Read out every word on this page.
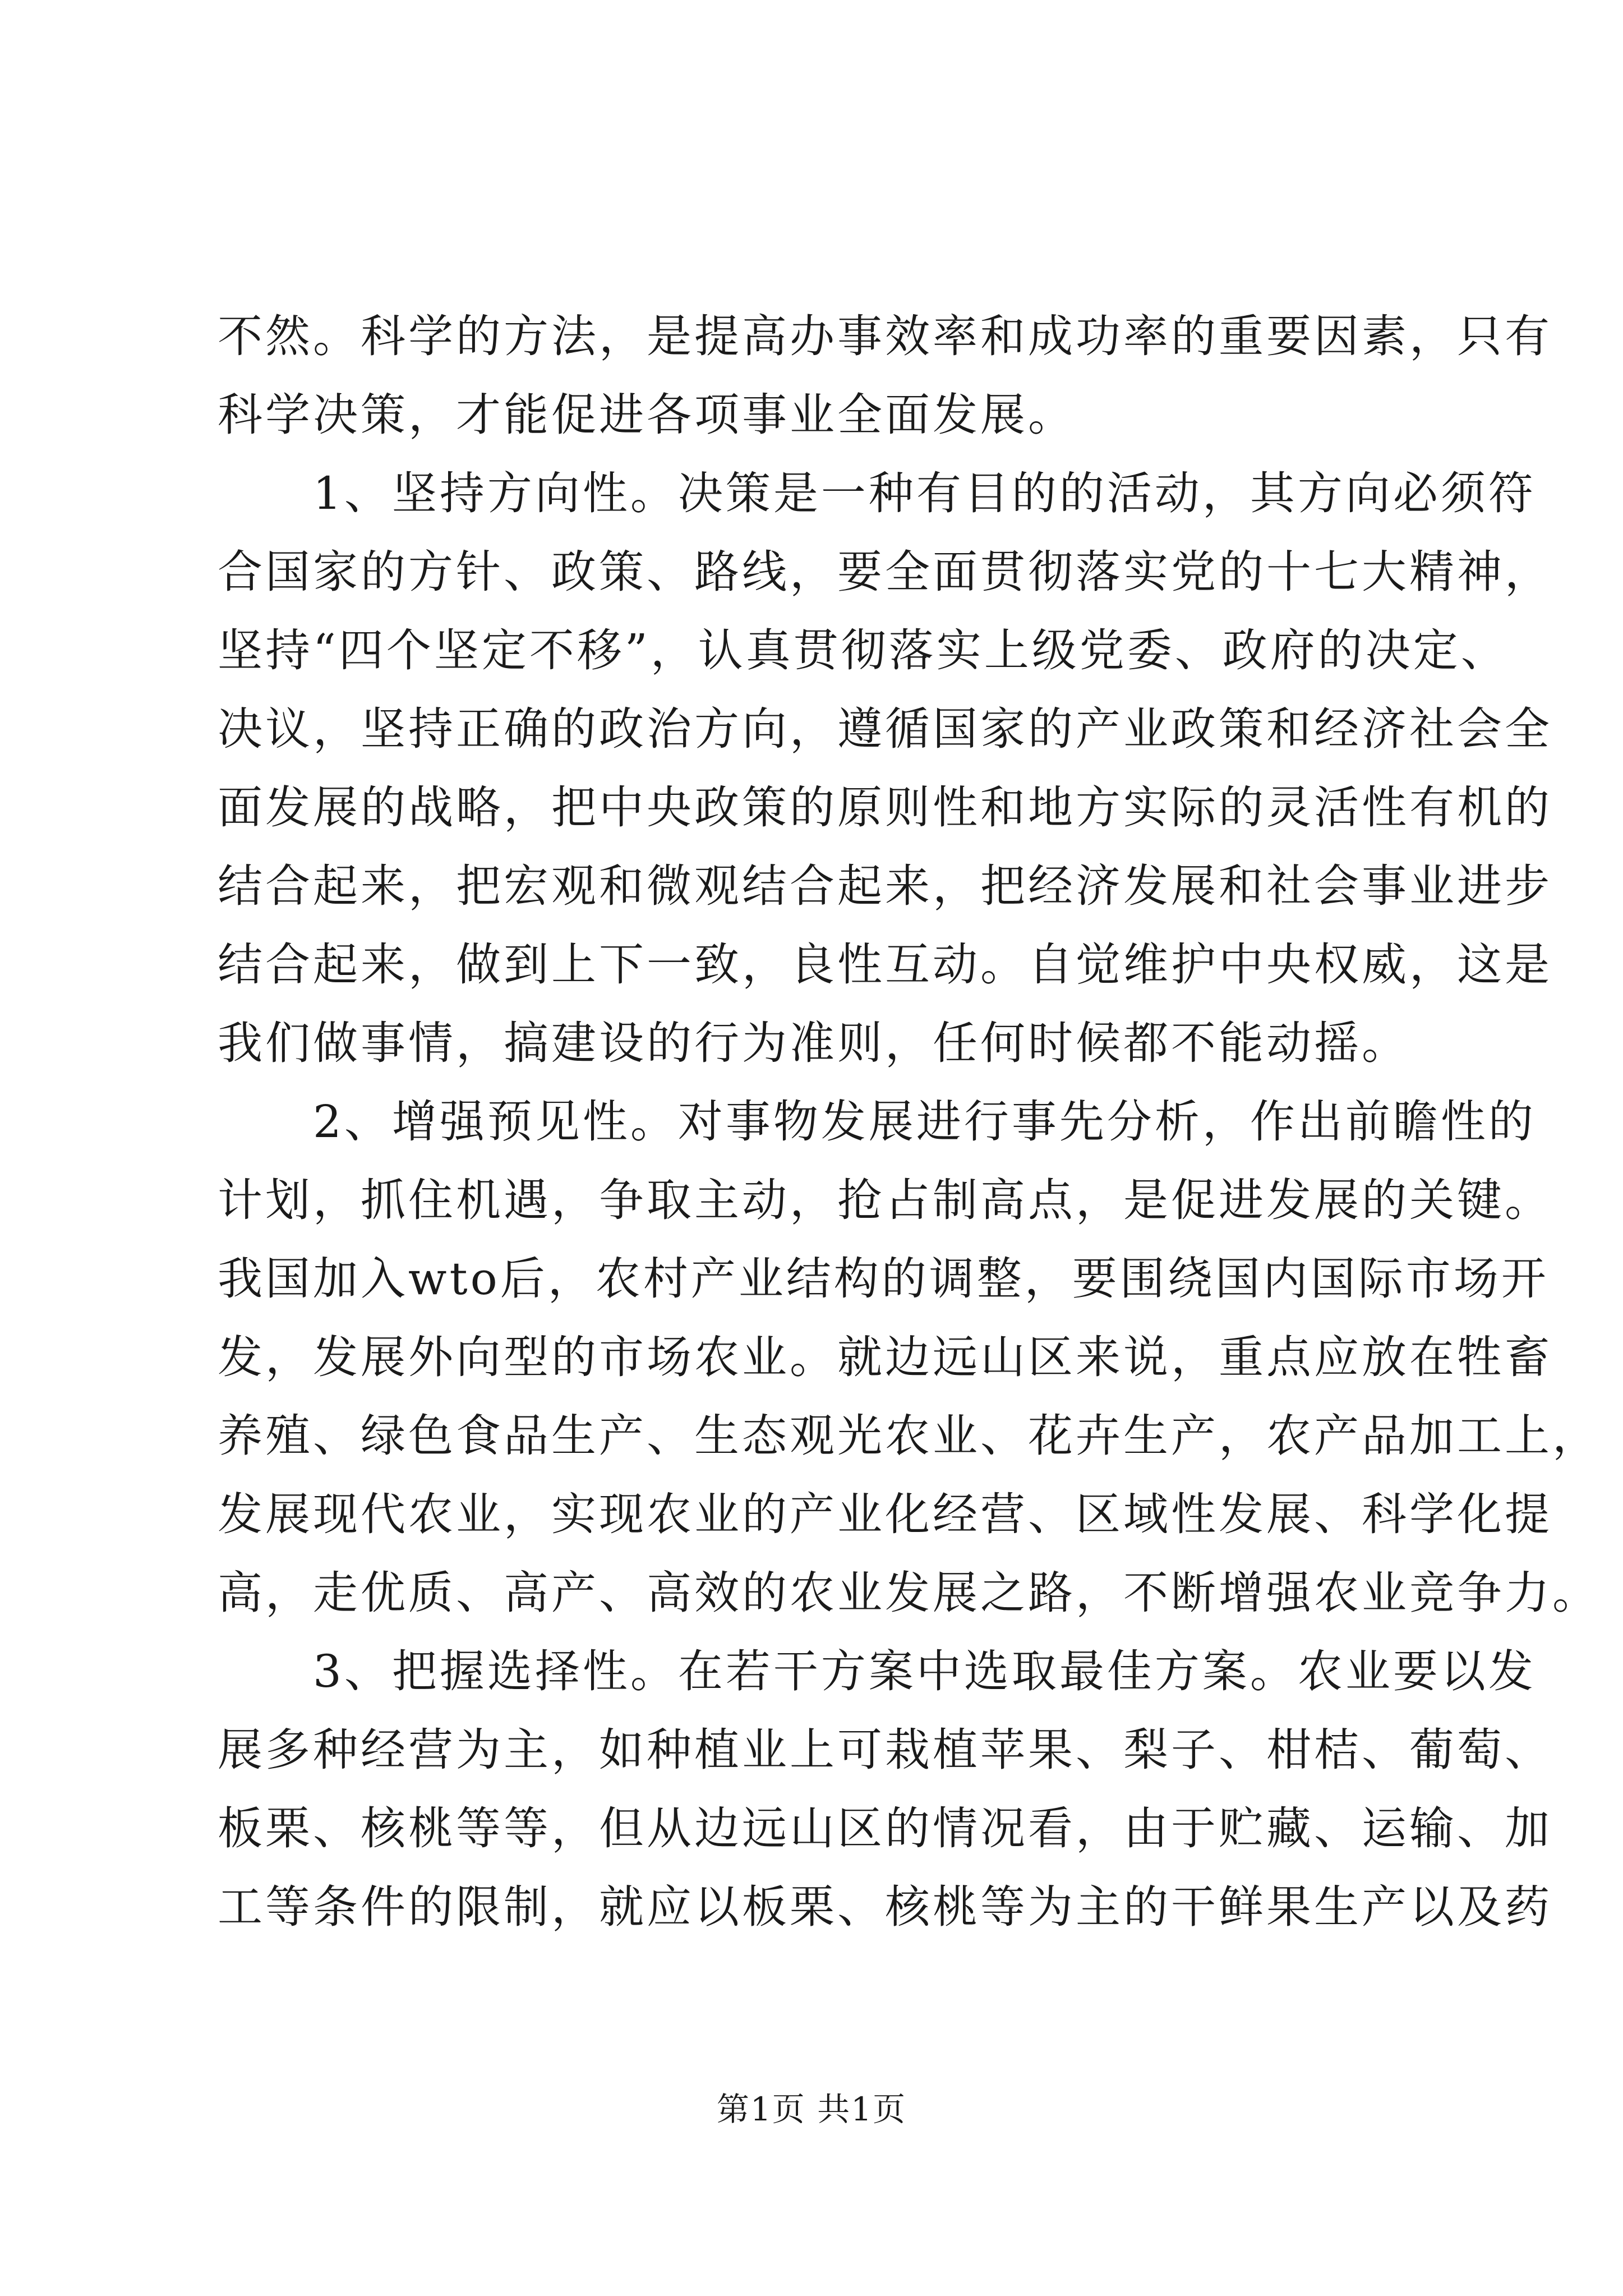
不然。科学的方法，是提高办事效率和成功率的重要因素，只有
科学决策，才能促进各项事业全面发展。
　　1、坚持方向性。决策是一种有目的的活动，其方向必须符
合国家的方针、政策、路线，要全面贯彻落实党的十七大精神，
坚持“四个坚定不移”，认真贯彻落实上级党委、政府的决定、
决议，坚持正确的政治方向，遵循国家的产业政策和经济社会全
面发展的战略，把中央政策的原则性和地方实际的灵活性有机的
结合起来，把宏观和微观结合起来，把经济发展和社会事业进步
结合起来，做到上下一致，良性互动。自觉维护中央权威，这是
我们做事情，搞建设的行为准则，任何时候都不能动摇。
　　2、增强预见性。对事物发展进行事先分析，作出前瞻性的
计划，抓住机遇，争取主动，抢占制高点，是促进发展的关键。
我国加入wto后，农村产业结构的调整，要围绕国内国际市场开
发，发展外向型的市场农业。就边远山区来说，重点应放在牲畜
养殖、绿色食品生产、生态观光农业、花卉生产，农产品加工上，
发展现代农业，实现农业的产业化经营、区域性发展、科学化提
高，走优质、高产、高效的农业发展之路，不断增强农业竞争力。
　　3、把握选择性。在若干方案中选取最佳方案。农业要以发
展多种经营为主，如种植业上可栽植苹果、梨子、柑桔、葡萄、
板栗、核桃等等，但从边远山区的情况看，由于贮藏、运输、加
工等条件的限制，就应以板栗、核桃等为主的干鲜果生产以及药
第1页 共1页
